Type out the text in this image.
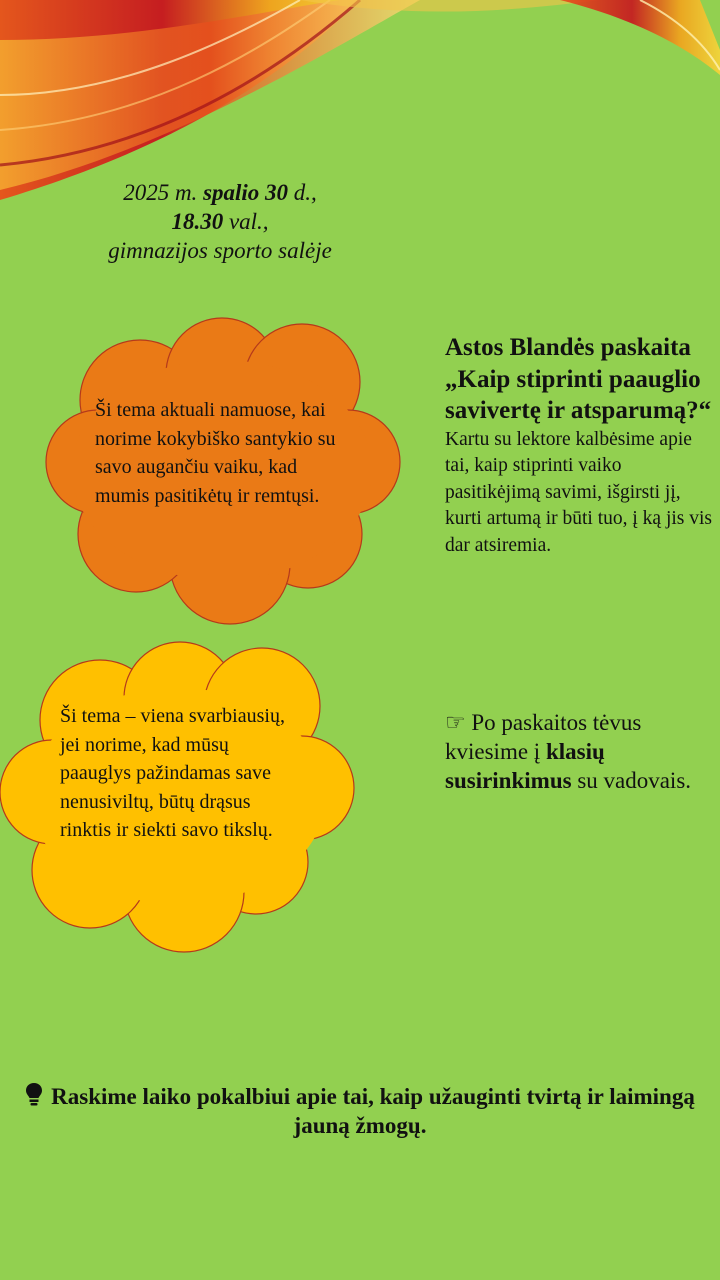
2025 m. spalio 30 d.,
18.30 val.,
gimnazijos sporto salėje
Ši tema aktuali namuose, kai norime kokybiško santykio su savo augančiu vaiku, kad mumis pasitikėtų ir remtųsi.
Ši tema – viena svarbiausių, jei norime, kad mūsų paauglys pažindamas save nenusiviltų, būtų drąsus rinktis ir siekti savo tikslų.
Astos Blandės paskaita „Kaip stiprinti paauglio savivertę ir atsparumą?“

Kartu su lektore kalbėsime apie tai, kaip stiprinti vaiko pasitikėjimą savimi, išgirsti jį, kurti artumą ir būti tuo, į ką jis vis dar atsiremia.

☞ Po paskaitos tėvus kviesime į klasių susirinkimus su vadovais.
Raskime laiko pokalbiui apie tai, kaip užauginti tvirtą ir laimingą jauną žmogų.
